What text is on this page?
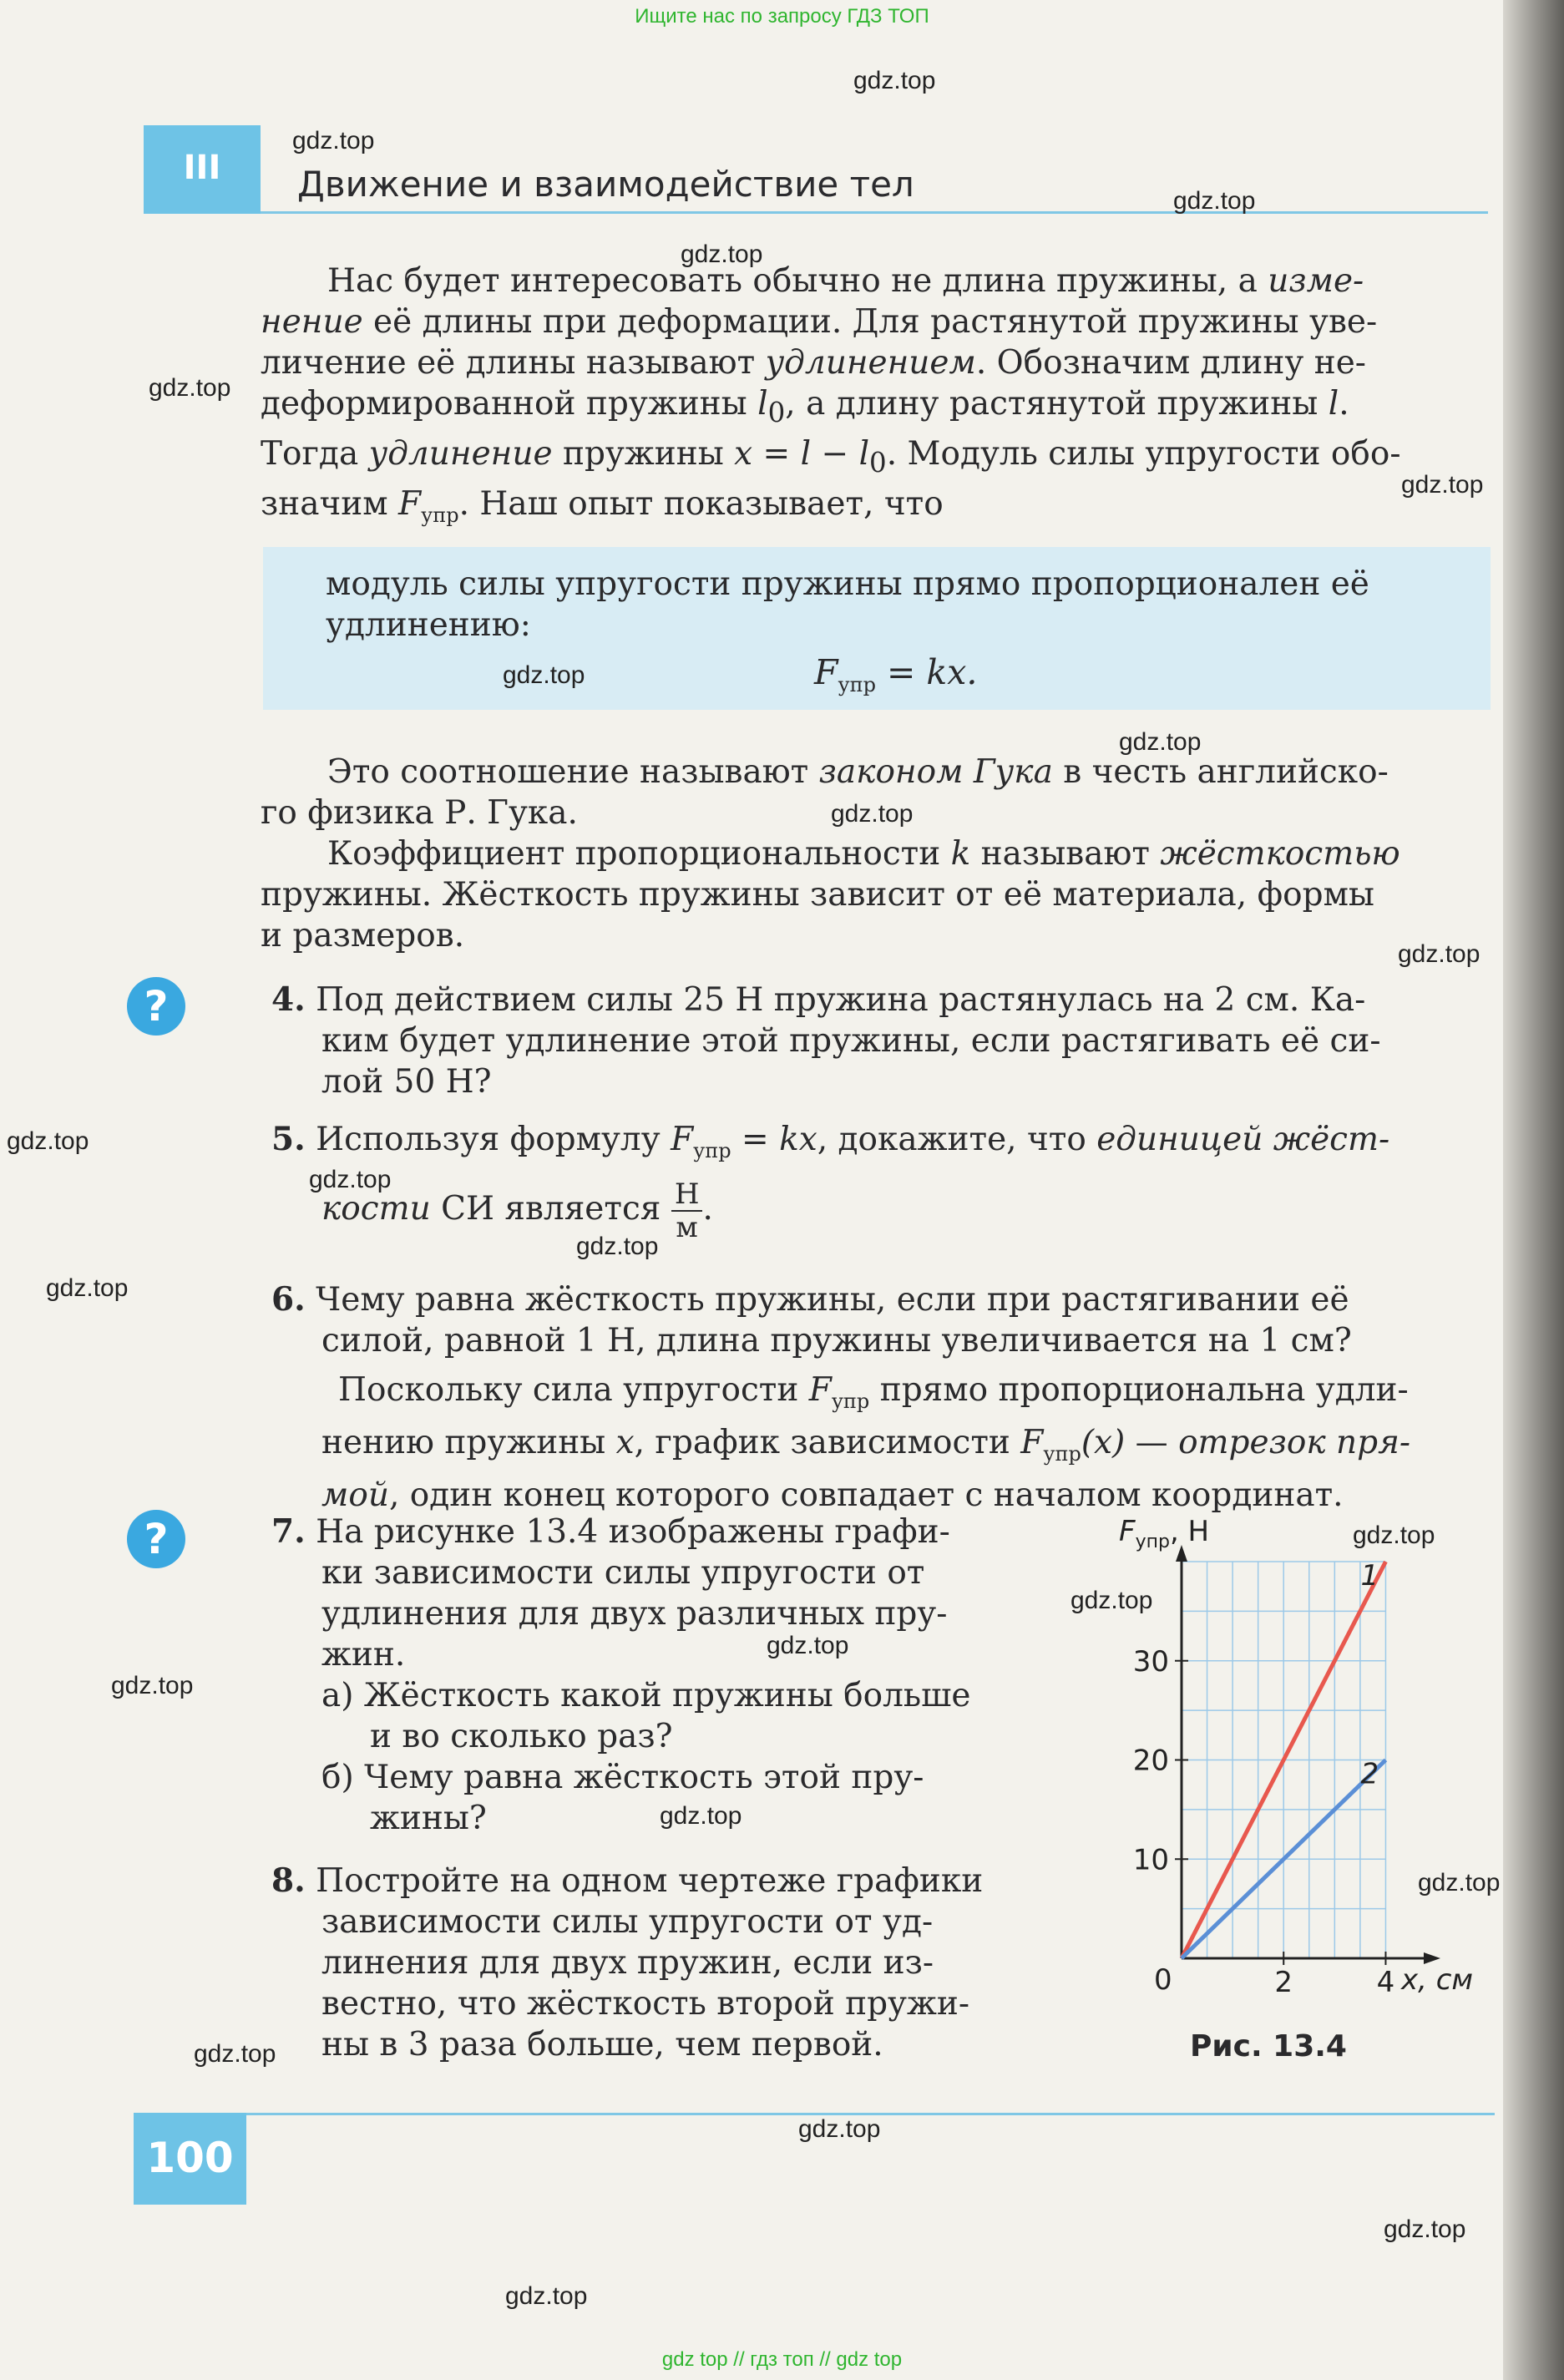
Ищите нас по запросу ГДЗ ТОП
III	Движение и взаимодействие тел
Нас будет интересовать обычно не длина пружины, а изме-
нение её длины при деформации. Для растянутой пружины уве-
личение её длины называют удлинением. Обозначим длину не-
деформированной пружины $l_0$, а длину растянутой пружины l.
Тогда удлинение пружины $x = l - l_0$. Модуль силы упругости обо-
значим $F_{упр}$. Наш опыт показывает, что
модуль силы упругости пружины прямо пропорционален её
удлинению:
$F_{упр}$ = kx.
Это соотношение называют законом Гука в честь английско-
го физика Р. Гука.
Коэффициент пропорциональности k называют жёсткостью
пружины. Жёсткость пружины зависит от её материала, формы
и размеров.
?	4. Под действием силы 25 Н пружина растянулась на 2 см. Ка-
ким будет удлинение этой пружины, если растягивать её си-
лой 50 Н?
5. Используя формулу $F_{упр}$ = kx, докажите, что единицей жёст-
кости СИ является Н
м .
6. Чему равна жёсткость пружины, если при растягивании её
силой, равной 1 Н, длина пружины увеличивается на 1 см?
Поскольку сила упругости $F_{упр}$ прямо пропорциональна удли-
нению пружины x, график зависимости $F_{упр}(x)$ — отрезок пря-
мой, один конец которого совпадает с началом координат.
?	7. На рисунке 13.4 изображены графи-
ки зависимости силы упругости от
удлинения для двух различных пру-
жин.
а) Жёсткость какой пружины больше
и во сколько раз?
б) Чему равна жёсткость этой пру-
жины?
8. Постройте на одном чертеже графики
зависимости силы упругости от уд-
линения для двух пружин, если из-
вестно, что жёсткость второй пружи-
ны в 3 раза больше, чем первой.
10
20
30
2	4
1
2
$F_{упр}$, Н
x, см
0
Рис. 13.4
100
gdz.top
gdz.top
gdz.top
gdz.top
gdz.top
gdz.top
gdz.top
gdz.top
gdz.top
gdz.top
gdz.top
gdz.top
gdz.top
gdz.top
gdz.top
gdz.top
gdz.top
gdz.top
gdz.top
gdz.top
gdz.top
gdz.top
gdz.top
gdz.top
gdz top // гдз топ // gdz top
